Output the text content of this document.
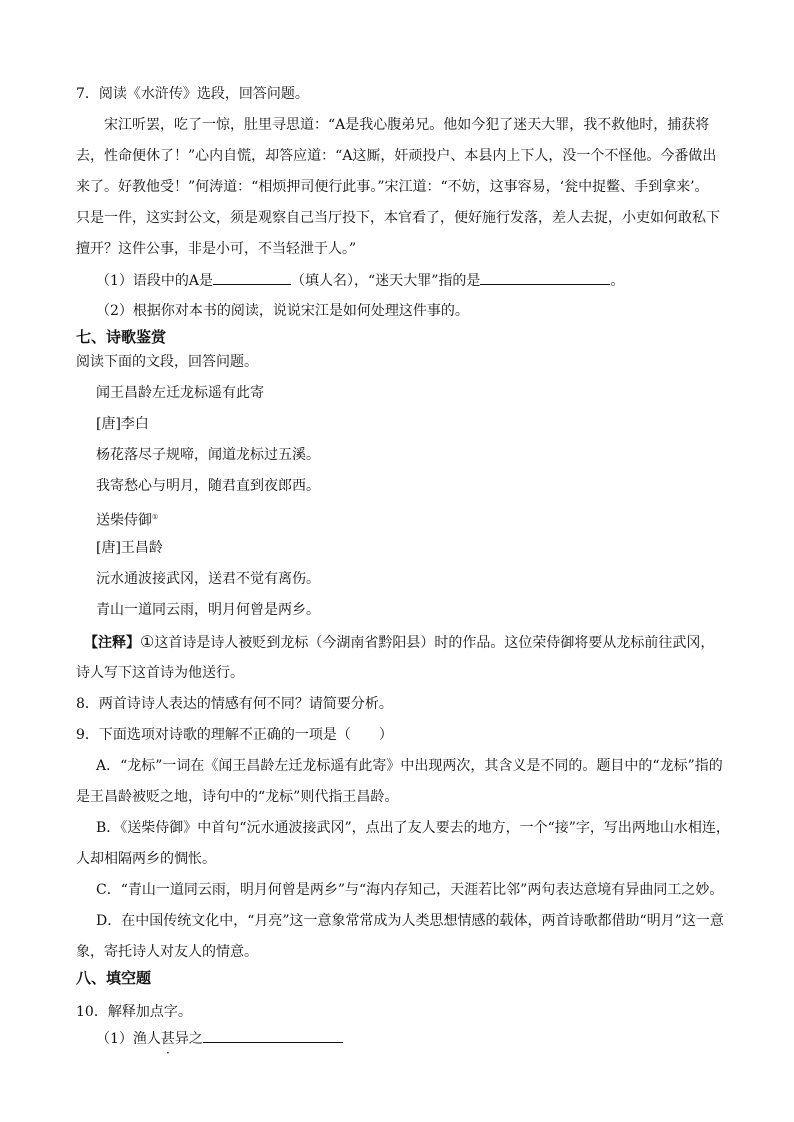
7．阅读《水浒传》选段，回答问题。
宋江听罢，吃了一惊，肚里寻思道：“A是我心腹弟兄。他如今犯了迷天大罪，我不救他时，捕获将
去，性命便休了！”心内自慌，却答应道：“A这厮，奸顽投户、本县内上下人，没一个不怪他。今番做出
来了。好教他受！”何涛道：“相烦押司便行此事。”宋江道：“不妨，这事容易，‘瓮中捉鳖、手到拿来’。
只是一件，这实封公文，须是观察自己当厅投下，本官看了，便好施行发落，差人去捉，小吏如何敢私下
擅开？这件公事，非是小可，不当轻泄于人。”
（1）语段中的A是	（填人名），“迷天大罪”指的是	。
（2）根据你对本书的阅读，说说宋江是如何处理这件事的。
七、诗歌鉴赏
阅读下面的文段，回答问题。
闻王昌龄左迁龙标遥有此寄
[唐]李白
杨花落尽子规啼，闻道龙标过五溪。
我寄愁心与明月，随君直到夜郎西。
送柴侍御①
[唐]王昌龄
沅水通波接武冈，送君不觉有离伤。
青山一道同云雨，明月何曾是两乡。
【注释】①这首诗是诗人被贬到龙标（今湖南省黔阳县）时的作品。这位荣侍御将要从龙标前往武冈，
诗人写下这首诗为他送行。
8．两首诗诗人表达的情感有何不同？请简要分析。
9．下面选项对诗歌的理解不正确的一项是（　　）
A．“龙标”一词在《闻王昌龄左迁龙标遥有此寄》中出现两次，其含义是不同的。题目中的“龙标”指的
是王昌龄被贬之地，诗句中的“龙标”则代指王昌龄。
B．《送柴侍御》中首句“沅水通波接武冈”，点出了友人要去的地方，一个“接”字，写出两地山水相连，
人却相隔两乡的惆怅。
C．“青山一道同云雨，明月何曾是两乡”与“海内存知己，天涯若比邻”两句表达意境有异曲同工之妙。
D．在中国传统文化中，“月亮”这一意象常常成为人类思想情感的载体，两首诗歌都借助“明月”这一意
象，寄托诗人对友人的情意。
八、填空题
10．解释加点字。
（1）渔人甚异之
